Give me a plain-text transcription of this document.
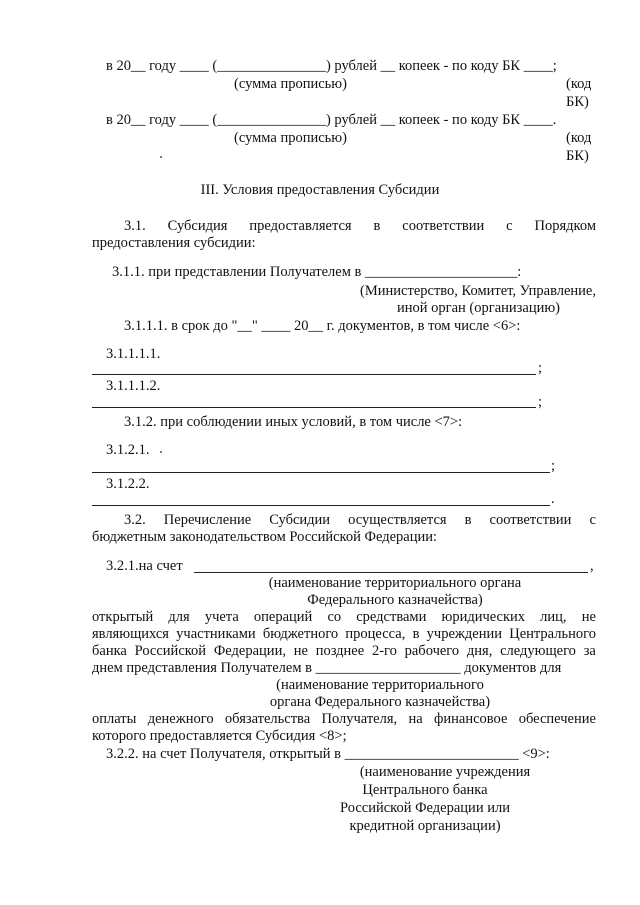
в 20__ году ____ (_______________) рублей __ копеек - по коду БК ____;
(сумма прописью)	(код
БК)
в 20__ году ____ (_______________) рублей __ копеек - по коду БК ____.
(сумма прописью)	(код
БК)
III. Условия предоставления Субсидии
3.1. Субсидия предоставляется в соответствии с Порядком
предоставления субсидии:
3.1.1. при представлении Получателем в _____________________:
(Министерство, Комитет, Управление,
иной орган (организацию)
3.1.1.1. в срок до "__" ____ 20__ г. документов, в том числе <6>:
3.1.1.1.1.
;
3.1.1.1.2.
;
3.1.2. при соблюдении иных условий, в том числе <7>:
3.1.2.1.
;
3.1.2.2.
.
3.2. Перечисление Субсидии осуществляется в соответствии с
бюджетным законодательством Российской Федерации:
3.2.1.на счет	,
(наименование территориального органа
Федерального казначейства)
открытый для учета операций со средствами юридических лиц, не
являющихся участниками бюджетного процесса, в учреждении Центрального
банка Российской Федерации, не позднее 2-го рабочего дня, следующего за
днем представления Получателем в ____________________ документов для
(наименование территориального
органа Федерального казначейства)
оплаты денежного обязательства Получателя, на финансовое обеспечение
которого предоставляется Субсидия <8>;
3.2.2. на счет Получателя, открытый в ________________________ <9>:
(наименование учреждения
Центрального банка
Российской Федерации или
кредитной организации)
